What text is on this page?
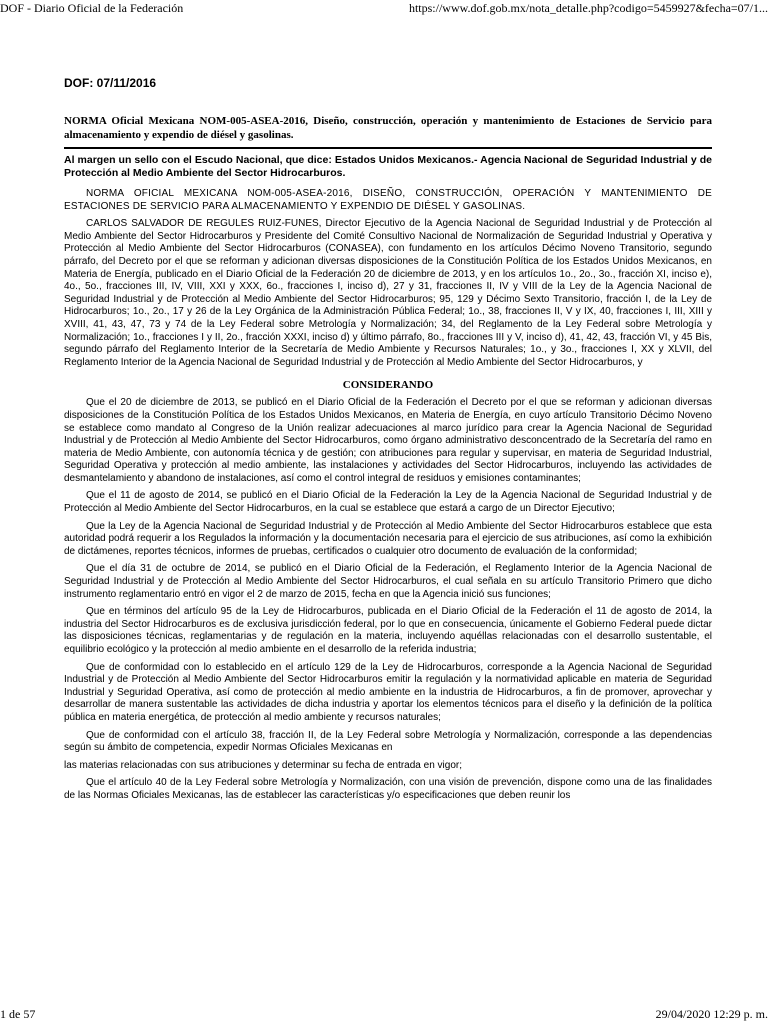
DOF - Diario Oficial de la Federación	https://www.dof.gob.mx/nota_detalle.php?codigo=5459927&fecha=07/1...
DOF: 07/11/2016
NORMA Oficial Mexicana NOM-005-ASEA-2016, Diseño, construcción, operación y mantenimiento de Estaciones de Servicio para almacenamiento y expendio de diésel y gasolinas.
Al margen un sello con el Escudo Nacional, que dice: Estados Unidos Mexicanos.- Agencia Nacional de Seguridad Industrial y de Protección al Medio Ambiente del Sector Hidrocarburos.
NORMA OFICIAL MEXICANA NOM-005-ASEA-2016, DISEÑO, CONSTRUCCIÓN, OPERACIÓN Y MANTENIMIENTO DE ESTACIONES DE SERVICIO PARA ALMACENAMIENTO Y EXPENDIO DE DIÉSEL Y GASOLINAS.
CARLOS SALVADOR DE REGULES RUIZ-FUNES, Director Ejecutivo de la Agencia Nacional de Seguridad Industrial y de Protección al Medio Ambiente del Sector Hidrocarburos y Presidente del Comité Consultivo Nacional de Normalización de Seguridad Industrial y Operativa y Protección al Medio Ambiente del Sector Hidrocarburos (CONASEA), con fundamento en los artículos Décimo Noveno Transitorio, segundo párrafo, del Decreto por el que se reforman y adicionan diversas disposiciones de la Constitución Política de los Estados Unidos Mexicanos, en Materia de Energía, publicado en el Diario Oficial de la Federación 20 de diciembre de 2013, y en los artículos 1o., 2o., 3o., fracción XI, inciso e), 4o., 5o., fracciones III, IV, VIII, XXI y XXX, 6o., fracciones I, inciso d), 27 y 31, fracciones II, IV y VIII de la Ley de la Agencia Nacional de Seguridad Industrial y de Protección al Medio Ambiente del Sector Hidrocarburos; 95, 129 y Décimo Sexto Transitorio, fracción I, de la Ley de Hidrocarburos; 1o., 2o., 17 y 26 de la Ley Orgánica de la Administración Pública Federal; 1o., 38, fracciones II, V y IX, 40, fracciones I, III, XIII y XVIII, 41, 43, 47, 73 y 74 de la Ley Federal sobre Metrología y Normalización; 34, del Reglamento de la Ley Federal sobre Metrología y Normalización; 1o., fracciones I y II, 2o., fracción XXXI, inciso d) y último párrafo, 8o., fracciones III y V, inciso d), 41, 42, 43, fracción VI, y 45 Bis, segundo párrafo del Reglamento Interior de la Secretaría de Medio Ambiente y Recursos Naturales; 1o., y 3o., fracciones I, XX y XLVII, del Reglamento Interior de la Agencia Nacional de Seguridad Industrial y de Protección al Medio Ambiente del Sector Hidrocarburos, y
CONSIDERANDO
Que el 20 de diciembre de 2013, se publicó en el Diario Oficial de la Federación el Decreto por el que se reforman y adicionan diversas disposiciones de la Constitución Política de los Estados Unidos Mexicanos, en Materia de Energía, en cuyo artículo Transitorio Décimo Noveno se establece como mandato al Congreso de la Unión realizar adecuaciones al marco jurídico para crear la Agencia Nacional de Seguridad Industrial y de Protección al Medio Ambiente del Sector Hidrocarburos, como órgano administrativo desconcentrado de la Secretaría del ramo en materia de Medio Ambiente, con autonomía técnica y de gestión; con atribuciones para regular y supervisar, en materia de Seguridad Industrial, Seguridad Operativa y protección al medio ambiente, las instalaciones y actividades del Sector Hidrocarburos, incluyendo las actividades de desmantelamiento y abandono de instalaciones, así como el control integral de residuos y emisiones contaminantes;
Que el 11 de agosto de 2014, se publicó en el Diario Oficial de la Federación la Ley de la Agencia Nacional de Seguridad Industrial y de Protección al Medio Ambiente del Sector Hidrocarburos, en la cual se establece que estará a cargo de un Director Ejecutivo;
Que la Ley de la Agencia Nacional de Seguridad Industrial y de Protección al Medio Ambiente del Sector Hidrocarburos establece que esta autoridad podrá requerir a los Regulados la información y la documentación necesaria para el ejercicio de sus atribuciones, así como la exhibición de dictámenes, reportes técnicos, informes de pruebas, certificados o cualquier otro documento de evaluación de la conformidad;
Que el día 31 de octubre de 2014, se publicó en el Diario Oficial de la Federación, el Reglamento Interior de la Agencia Nacional de Seguridad Industrial y de Protección al Medio Ambiente del Sector Hidrocarburos, el cual señala en su artículo Transitorio Primero que dicho instrumento reglamentario entró en vigor el 2 de marzo de 2015, fecha en que la Agencia inició sus funciones;
Que en términos del artículo 95 de la Ley de Hidrocarburos, publicada en el Diario Oficial de la Federación el 11 de agosto de 2014, la industria del Sector Hidrocarburos es de exclusiva jurisdicción federal, por lo que en consecuencia, únicamente el Gobierno Federal puede dictar las disposiciones técnicas, reglamentarias y de regulación en la materia, incluyendo aquéllas relacionadas con el desarrollo sustentable, el equilibrio ecológico y la protección al medio ambiente en el desarrollo de la referida industria;
Que de conformidad con lo establecido en el artículo 129 de la Ley de Hidrocarburos, corresponde a la Agencia Nacional de Seguridad Industrial y de Protección al Medio Ambiente del Sector Hidrocarburos emitir la regulación y la normatividad aplicable en materia de Seguridad Industrial y Seguridad Operativa, así como de protección al medio ambiente en la industria de Hidrocarburos, a fin de promover, aprovechar y desarrollar de manera sustentable las actividades de dicha industria y aportar los elementos técnicos para el diseño y la definición de la política pública en materia energética, de protección al medio ambiente y recursos naturales;
Que de conformidad con el artículo 38, fracción II, de la Ley Federal sobre Metrología y Normalización, corresponde a las dependencias según su ámbito de competencia, expedir Normas Oficiales Mexicanas en
las materias relacionadas con sus atribuciones y determinar su fecha de entrada en vigor;
Que el artículo 40 de la Ley Federal sobre Metrología y Normalización, con una visión de prevención, dispone como una de las finalidades de las Normas Oficiales Mexicanas, las de establecer las características y/o especificaciones que deben reunir los
1 de 57	29/04/2020 12:29 p. m.
